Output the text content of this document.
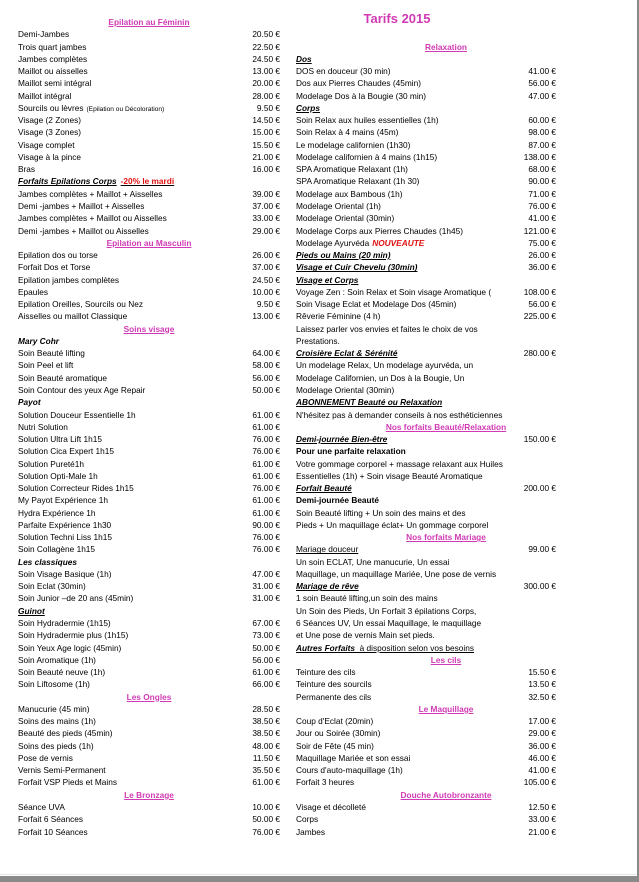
Tarifs 2015
Epilation au Féminin
Demi-Jambes	20.50 €
Trois quart jambes	22.50 €
Jambes complètes	24.50 €
Maillot ou aisselles	13.00 €
Maillot semi intégral	20.00 €
Maillot intégral	28.00 €
Sourcils ou lèvres (Epilation ou Décoloration)	9.50 €
Visage (2 Zones)	14.50 €
Visage (3 Zones)	15.00 €
Visage complet	15.50 €
Visage à la pince	21.00 €
Bras	16.00 €
Forfaits Epilations Corps -20% le mardi
Jambes complètes + Maillot + Aisselles	39.00 €
Demi -jambes + Maillot + Aisselles	37.00 €
Jambes complètes + Maillot ou Aisselles	33.00 €
Demi -jambes + Maillot ou Aisselles	29.00 €
Epilation au Masculin
Epilation dos ou torse	26.00 €
Forfait Dos et Torse	37.00 €
Epilation jambes complètes	24.50 €
Epaules	10.00 €
Epilation Oreilles, Sourcils ou Nez	9.50 €
Aisselles ou maillot Classique	13.00 €
Soins visage
Mary Cohr
Soin Beauté lifting	64.00 €
Soin Peel et lift	58.00 €
Soin Beauté aromatique	56.00 €
Soin Contour des yeux Age Repair	50.00 €
Payot
Solution Douceur Essentielle 1h	61.00 €
Nutri Solution	61.00 €
Solution Ultra Lift 1h15	76.00 €
Solution Cica Expert 1h15	76.00 €
Solution Pureté1h	61.00 €
Solution Opti-Male 1h	61.00 €
Solution Correcteur Rides 1h15	76.00 €
My Payot Expérience 1h	61.00 €
Hydra Expérience 1h	61.00 €
Parfaite Expérience 1h30	90.00 €
Solution Techni Liss 1h15	76.00 €
Soin Collagène 1h15	76.00 €
Les classiques
Soin Visage Basique (1h)	47.00 €
Soin Eclat (30min)	31.00 €
Soin Junior –de 20 ans (45min)	31.00 €
Guinot
Soin Hydradermie (1h15)	67.00 €
Soin Hydradermie plus (1h15)	73.00 €
Soin Yeux Age logic (45min)	50.00 €
Soin Aromatique (1h)	56.00 €
Soin Beauté neuve (1h)	61.00 €
Soin Liftosome (1h)	66.00 €
Les Ongles
Manucurie (45 min)	28.50 €
Soins des mains (1h)	38.50 €
Beauté des pieds (45min)	38.50 €
Soins des pieds (1h)	48.00 €
Pose de vernis	11.50 €
Vernis Semi-Permanent	35.50 €
Forfait VSP Pieds et Mains	61.00 €
Le Bronzage
Séance UVA	10.00 €
Forfait 6 Séances	50.00 €
Forfait 10 Séances	76.00 €
Relaxation
Dos
DOS en douceur (30 min)	41.00 €
Dos aux Pierres Chaudes (45min)	56.00 €
Modelage Dos à la Bougie (30 min)	47.00 €
Corps
Soin Relax aux huiles essentielles (1h)	60.00 €
Soin Relax à 4 mains (45m)	98.00 €
Le modelage californien (1h30)	87.00 €
Modelage californien à 4 mains (1h15)	138.00 €
SPA Aromatique Relaxant (1h)	68.00 €
SPA Aromatique Relaxant (1h 30)	90.00 €
Modelage aux Bambous (1h)	71.00 €
Modelage Oriental (1h)	76.00 €
Modelage Oriental (30min)	41.00 €
Modelage Corps aux Pierres Chaudes (1h45)	121.00 €
Modelage Ayurvéda NOUVEAUTE	75.00 €
Pieds ou Mains (20 min)	26.00 €
Visage et Cuir Chevelu (30min)	36.00 €
Visage et Corps
Voyage Zen : Soin Relax et Soin visage Aromatique (	108.00 €
Soin Visage Eclat et Modelage Dos (45min)	56.00 €
Rêverie Féminine (4 h)	225.00 €
Laissez parler vos envies et faites le choix de vos
Prestations.
Croisière Eclat & Sérénité	280.00 €
Un modelage Relax, Un modelage ayurvéda, un
Modelage Californien, un Dos à la Bougie, Un
Modelage Oriental (30min)
ABONNEMENT Beauté ou Relaxation
N'hésitez pas à demander conseils à nos esthéticiennes
Nos forfaits Beauté/Relaxation
Demi-journée Bien-être	150.00 €
Pour une parfaite relaxation
Votre gommage corporel + massage relaxant aux Huiles
Essentielles (1h) + Soin visage Beauté Aromatique
Forfait Beauté	200.00 €
Demi-journée Beauté
Soin Beauté lifting + Un soin des mains et des
Pieds + Un maquillage éclat+ Un gommage corporel
Nos forfaits Mariage
Mariage douceur	99.00 €
Un soin ECLAT, Une manucurie, Un essai
Maquillage, un maquillage Mariée, Une pose de vernis
Mariage de rêve	300.00 €
1 soin Beauté lifting,un soin des mains
Un Soin des Pieds, Un Forfait 3 épilations Corps,
6 Séances UV, Un essai Maquillage, le maquillage
et Une pose de vernis Main set pieds.
Autres Forfaits  à disposition selon vos besoins
Les cils
Teinture des cils	15.50 €
Teinture des sourcils	13.50 €
Permanente des cils	32.50 €
Le Maquillage
Coup d'Eclat (20min)	17.00 €
Jour ou Soirée (30min)	29.00 €
Soir de Fête (45 min)	36.00 €
Maquillage Mariée et son essai	46.00 €
Cours d'auto-maquillage (1h)	41.00 €
Forfait 3 heures	105.00 €
Douche Autobronzante
Visage et décolleté	12.50 €
Corps	33.00 €
Jambes	21.00 €
